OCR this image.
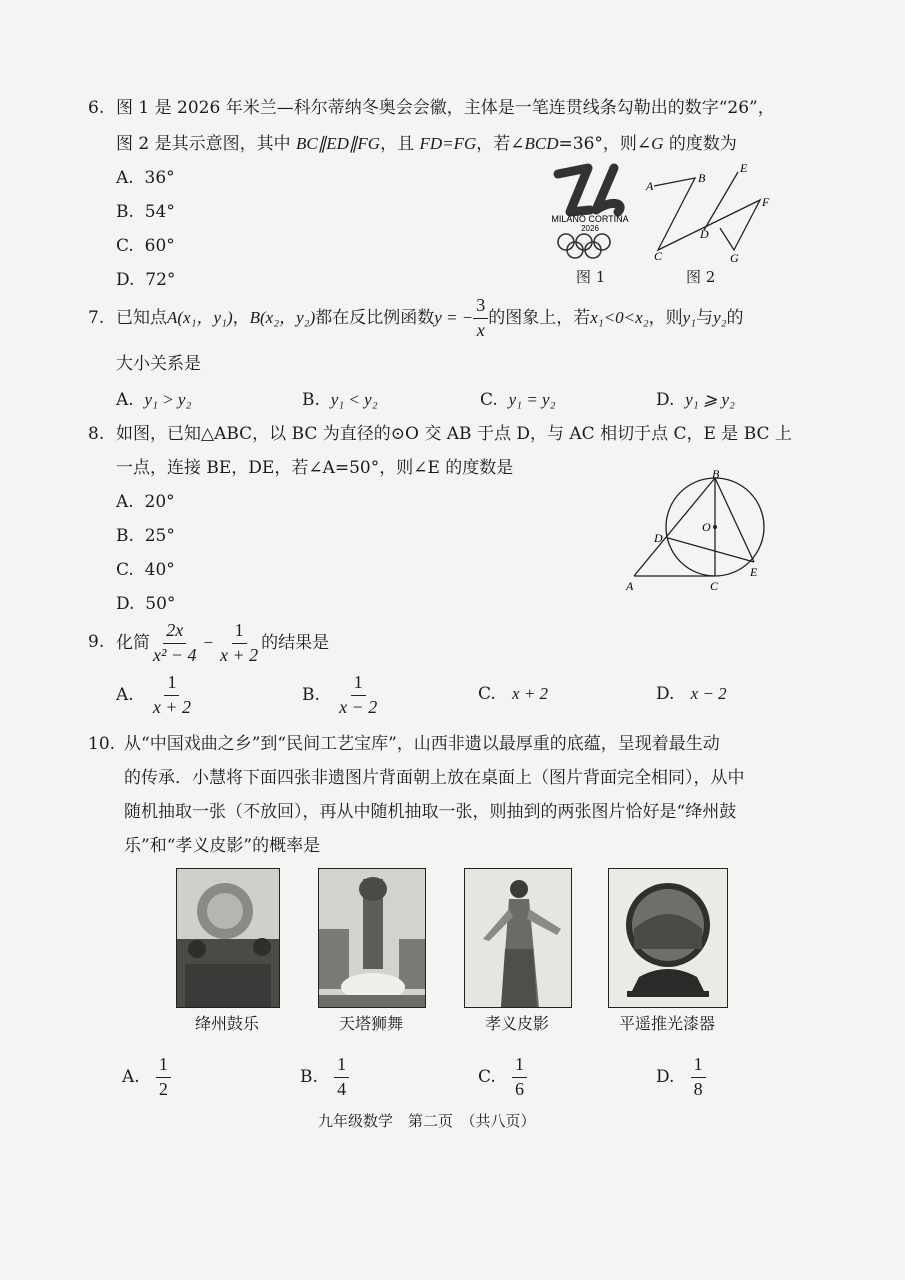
6. 图 1 是 2026 年米兰—科尔蒂纳冬奥会会徽，主体是一笔连贯线条勾勒出的数字“26”，
图 2 是其示意图，其中 BC∥ED∥FG，且 FD=FG，若∠BCD=36°，则∠G 的度数为
A. 36°
B. 54°
C. 60°
D. 72°
MILANO CORTINA
2026
图 1
A
B
C
D
E
F
G
图 2
7. 已知点 A (x₁，y₁) ， B (x₂，y₂) 都在反比例函数 y = − $\frac{3}{x}$ 的图象上，若 x₁<0<x₂ ，则 y₁ 与 y₂ 的
大小关系是
A. y₁ > y₂	B. y₁ < y₂	C. y₁ = y₂	D. y₁ ⩾ y₂
8. 如图，已知△ABC，以 BC 为直径的⊙O 交 AB 于点 D，与 AC 相切于点 C，E 是 BC 上
一点，连接 BE，DE，若∠A=50°，则∠E 的度数是
A. 20°
B. 25°
C. 40°
D. 50°
B
O
D
A	C
E
9. 化简 $\frac{2x}{\text{x² − 4}} - \frac{1}{x + 2}$ 的结果是
A.
$\frac{1}{x + 2}$	B.
$\frac{1}{x - 2}$	C. x + 2	D. x − 2
10. 从“中国戏曲之乡”到“民间工艺宝库”，山西非遗以最厚重的底蕴，呈现着最生动
的传承．小慧将下面四张非遗图片背面朝上放在桌面上（图片背面完全相同），从中
随机抽取一张（不放回），再从中随机抽取一张，则抽到的两张图片恰好是“绛州鼓
乐”和“孝义皮影”的概率是
绛州鼓乐	天塔狮舞	孝义皮影	平遥推光漆器
A.
$\frac{1}{2}$	B.
$\frac{1}{4}$	C.
$\frac{1}{6}$	D.
$\frac{1}{8}$
九年级数学　第二页　（共八页）
